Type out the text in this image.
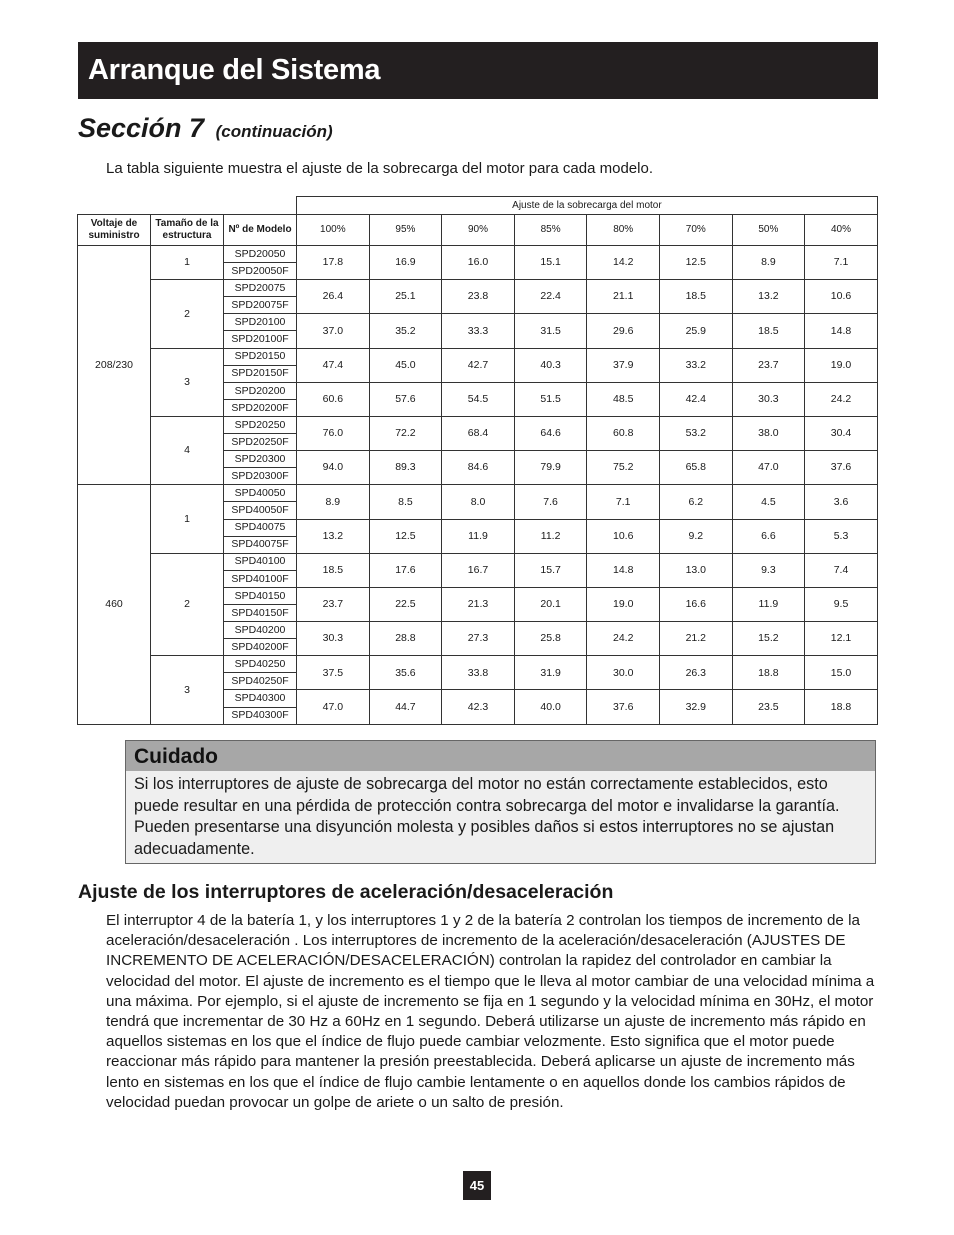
Arranque del Sistema
Sección 7 (continuación)
La tabla siguiente muestra el ajuste de la sobrecarga del motor para cada modelo.
			Ajuste de la sobrecarga del motor							
Voltaje de suministro	Tamaño de la estructura	Nº de Modelo	100%	95%	90%	85%	80%	70%	50%	40%
208/230	1	SPD20050	17.8	16.9	16.0	15.1	14.2	12.5	8.9	7.1
		SPD20050F								
	2	SPD20075	26.4	25.1	23.8	22.4	21.1	18.5	13.2	10.6
		SPD20075F								
		SPD20100	37.0	35.2	33.3	31.5	29.6	25.9	18.5	14.8
		SPD20100F								
	3	SPD20150	47.4	45.0	42.7	40.3	37.9	33.2	23.7	19.0
		SPD20150F								
		SPD20200	60.6	57.6	54.5	51.5	48.5	42.4	30.3	24.2
		SPD20200F								
	4	SPD20250	76.0	72.2	68.4	64.6	60.8	53.2	38.0	30.4
		SPD20250F								
		SPD20300	94.0	89.3	84.6	79.9	75.2	65.8	47.0	37.6
		SPD20300F								
460	1	SPD40050	8.9	8.5	8.0	7.6	7.1	6.2	4.5	3.6
		SPD40050F								
		SPD40075	13.2	12.5	11.9	11.2	10.6	9.2	6.6	5.3
		SPD40075F								
	2	SPD40100	18.5	17.6	16.7	15.7	14.8	13.0	9.3	7.4
		SPD40100F								
		SPD40150	23.7	22.5	21.3	20.1	19.0	16.6	11.9	9.5
		SPD40150F								
		SPD40200	30.3	28.8	27.3	25.8	24.2	21.2	15.2	12.1
		SPD40200F								
	3	SPD40250	37.5	35.6	33.8	31.9	30.0	26.3	18.8	15.0
		SPD40250F								
		SPD40300	47.0	44.7	42.3	40.0	37.6	32.9	23.5	18.8
		SPD40300F								
Cuidado
Si los interruptores de ajuste de sobrecarga del motor no están correctamente establecidos, esto puede resultar en una pérdida de protección contra sobrecarga del motor e invalidarse la garantía. Pueden presentarse una disyunción molesta y posibles daños si estos interruptores no se ajustan adecuadamente.
Ajuste de los interruptores de aceleración/desaceleración
El interruptor 4 de la batería 1, y los interruptores 1 y 2 de la batería 2 controlan los tiempos de incremento de la aceleración/desaceleración . Los interruptores de incremento de la aceleración/desaceleración (AJUSTES DE INCREMENTO DE ACELERACIÓN/DESACELERACIÓN) controlan la rapidez del controlador en cambiar la velocidad del motor. El ajuste de incremento es el tiempo que le lleva al motor cambiar de una velocidad mínima a una máxima. Por ejemplo, si el ajuste de incremento se fija en 1 segundo y la velocidad mínima en 30Hz, el motor tendrá que incrementar de 30 Hz a 60Hz en 1 segundo. Deberá utilizarse un ajuste de incremento más rápido en aquellos sistemas en los que el índice de flujo puede cambiar velozmente. Esto significa que el motor puede reaccionar más rápido para mantener la presión preestablecida. Deberá aplicarse un ajuste de incremento más lento en sistemas en los que el índice de flujo cambie lentamente o en aquellos donde los cambios rápidos de velocidad puedan provocar un golpe de ariete o un salto de presión.
45
